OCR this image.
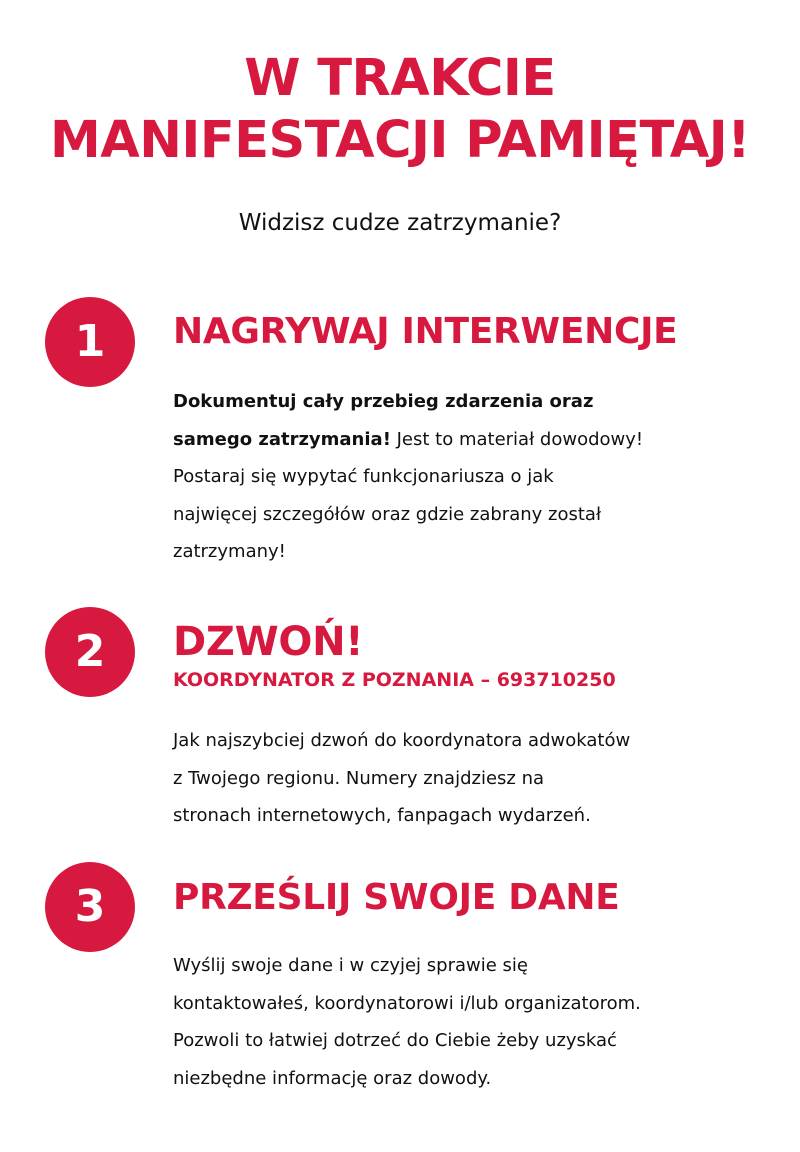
W TRAKCIE
MANIFESTACJI PAMIĘTAJ!
Widzisz cudze zatrzymanie?
1	NAGRYWAJ INTERWENCJE
Dokumentuj cały przebieg zdarzenia oraz
samego zatrzymania! Jest to materiał dowodowy!
Postaraj się wypytać funkcjonariusza o jak
najwięcej szczegółów oraz gdzie zabrany został
zatrzymany!
2	DZWOŃ!
KOORDYNATOR Z POZNANIA – 693710250
Jak najszybciej dzwoń do koordynatora adwokatów
z Twojego regionu. Numery znajdziesz na
stronach internetowych, fanpagach wydarzeń.
3	PRZEŚLIJ SWOJE DANE
Wyślij swoje dane i w czyjej sprawie się
kontaktowałeś, koordynatorowi i/lub organizatorom.
Pozwoli to łatwiej dotrzeć do Ciebie żeby uzyskać
niezbędne informację oraz dowody.
